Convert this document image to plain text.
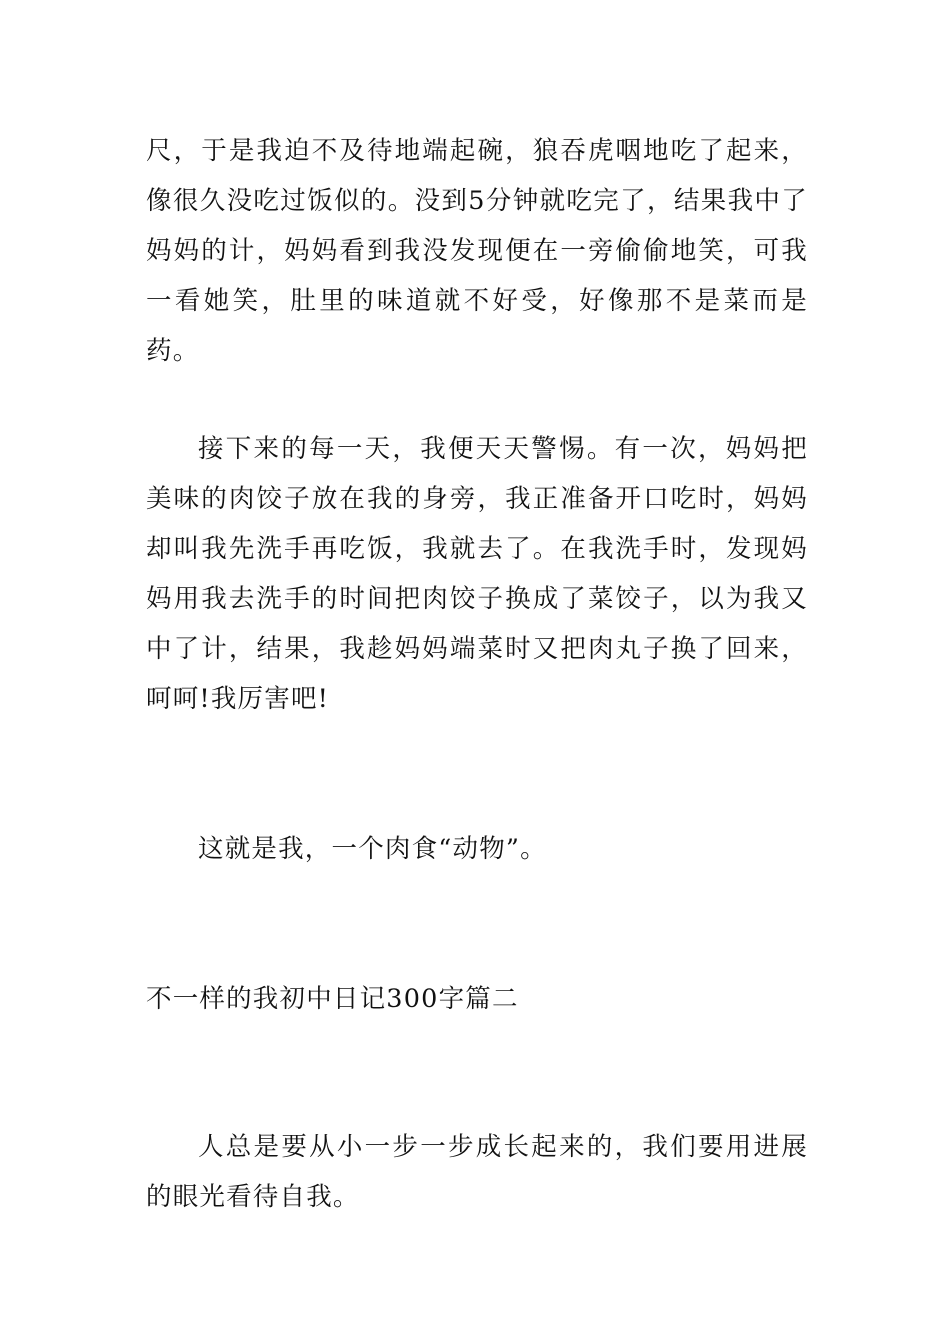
尺，于是我迫不及待地端起碗，狼吞虎咽地吃了起来，像很久没吃过饭似的。没到5分钟就吃完了，结果我中了妈妈的计，妈妈看到我没发现便在一旁偷偷地笑，可我一看她笑，肚里的味道就不好受，好像那不是菜而是药。

接下来的每一天，我便天天警惕。有一次，妈妈把美味的肉饺子放在我的身旁，我正准备开口吃时，妈妈却叫我先洗手再吃饭，我就去了。在我洗手时，发现妈妈用我去洗手的时间把肉饺子换成了菜饺子，以为我又中了计，结果，我趁妈妈端菜时又把肉丸子换了回来，呵呵!我厉害吧!

这就是我，一个肉食“动物”。

不一样的我初中日记300字篇二

人总是要从小一步一步成长起来的，我们要用进展的眼光看待自我。
